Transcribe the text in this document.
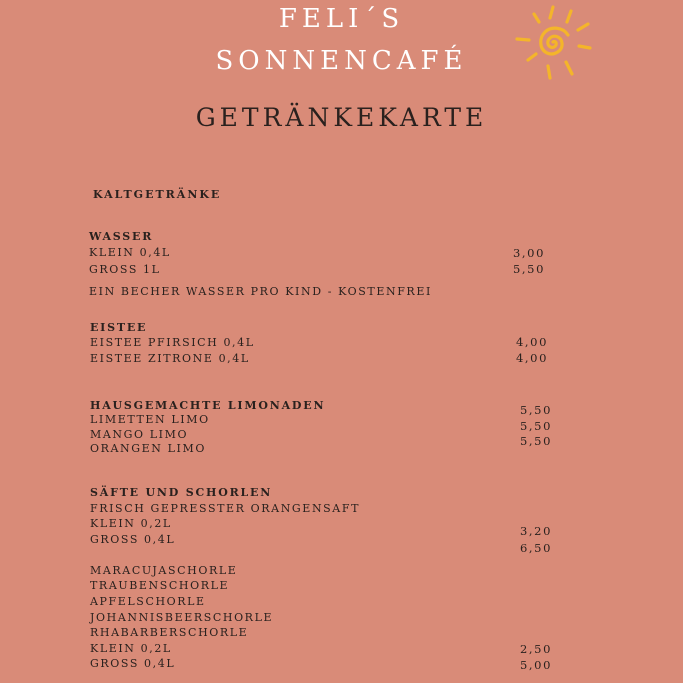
FELI´S
SONNENCAFÉ
GETRÄNKEKARTE
KALTGETRÄNKE
WASSER
KLEIN 0,4L	3,00
GROSS 1L	5,50
EIN BECHER WASSER PRO KIND - KOSTENFREI
EISTEE
EISTEE PFIRSICH 0,4L	4,00
EISTEE ZITRONE 0,4L	4,00
HAUSGEMACHTE LIMONADEN
LIMETTEN LIMO
5,50
MANGO LIMO
5,50
ORANGEN LIMO
5,50
SÄFTE UND SCHORLEN
FRISCH GEPRESSTER ORANGENSAFT
KLEIN 0,2L
3,20
GROSS 0,4L
6,50
MARACUJASCHORLE
TRAUBENSCHORLE
APFELSCHORLE
JOHANNISBEERSCHORLE
RHABARBERSCHORLE
KLEIN 0,2L	2,50
GROSS 0,4L	5,00
